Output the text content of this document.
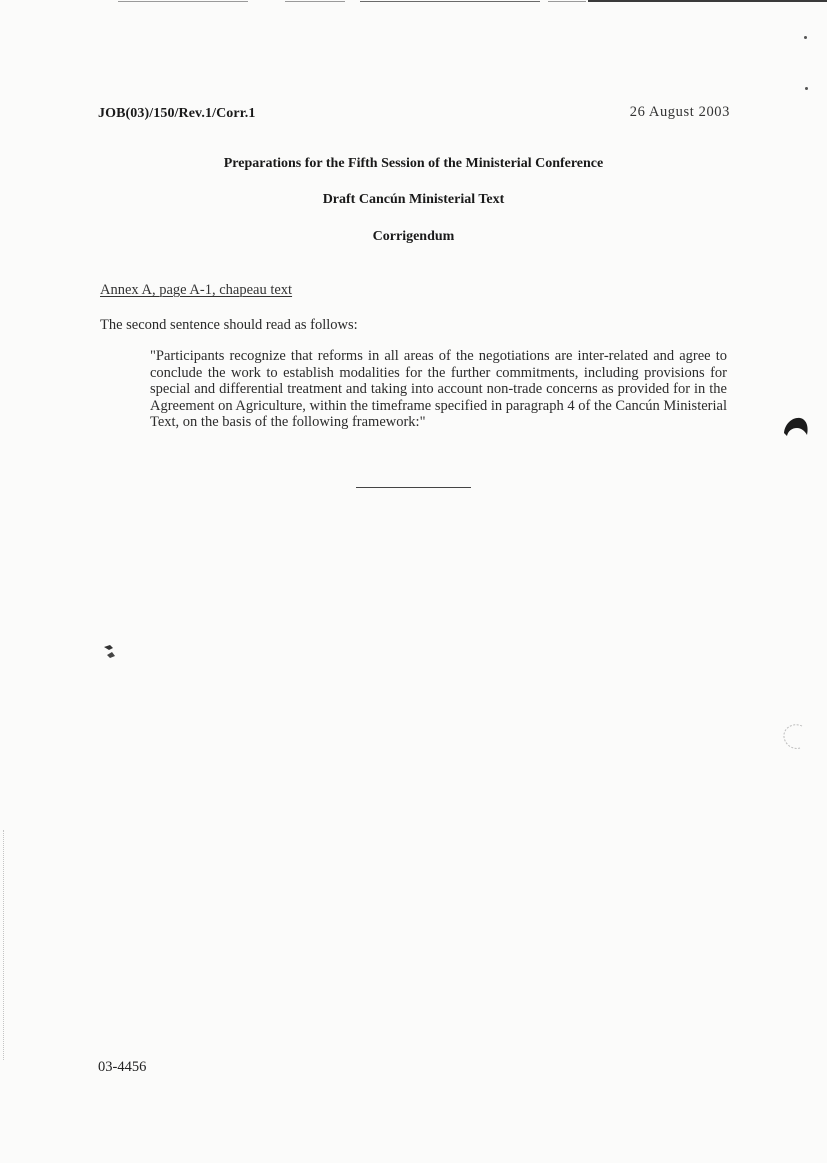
JOB(03)/150/Rev.1/Corr.1	26 August 2003
Preparations for the Fifth Session of the Ministerial Conference
Draft Cancún Ministerial Text
Corrigendum
Annex A, page A-1, chapeau text
The second sentence should read as follows:

"Participants recognize that reforms in all areas of the negotiations are inter-related and agree to conclude the work to establish modalities for the further commitments, including provisions for special and differential treatment and taking into account non-trade concerns as provided for in the Agreement on Agriculture, within the timeframe specified in paragraph 4 of the Cancún Ministerial Text, on the basis of the following framework:"

03-4456
